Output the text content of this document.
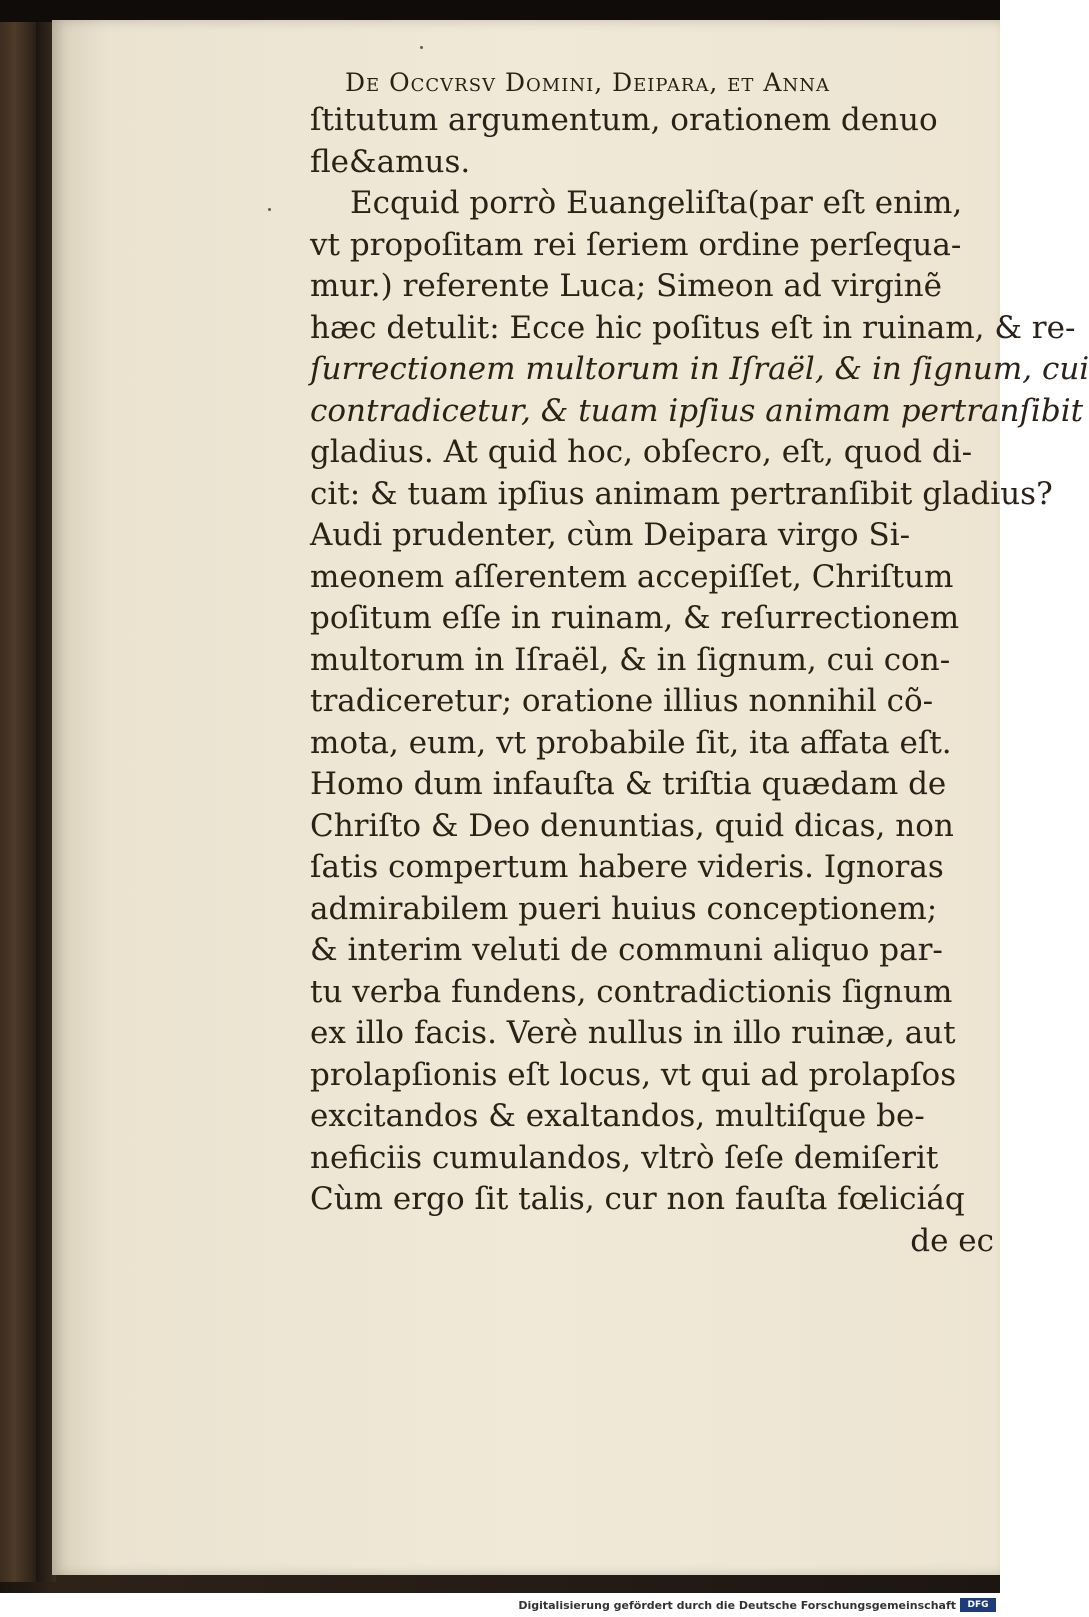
De Occvrsv Domini, Deipara, et Anna
ſtitutum argumentum, orationem denuo
fle&amus.
Ecquid porrò Euangeliſta(par eſt enim,
vt propoſitam rei ſeriem ordine perſequa-
mur.) referente Luca; Simeon ad virginẽ
hæc detulit: Ecce hic poſitus eſt in ruinam, & re-
ſurrectionem multorum in Iſraël, & in ſignum, cui
contradicetur, & tuam ipſius animam pertranſibit
gladius. At quid hoc, obſecro, eſt, quod di-
cit: & tuam ipſius animam pertranſibit gladius?
Audi prudenter, cùm Deipara virgo Si-
meonem aſſerentem accepiſſet, Chriſtum
poſitum eſſe in ruinam, & reſurrectionem
multorum in Iſraël, & in ſignum, cui con-
tradiceretur; oratione illius nonnihil cõ-
mota, eum, vt probabile ſit, ita affata eſt.
Homo dum infauſta & triſtia quædam de
Chriſto & Deo denuntias, quid dicas, non
ſatis compertum habere videris. Ignoras
admirabilem pueri huius conceptionem;
& interim veluti de communi aliquo par-
tu verba fundens, contradictionis ſignum
ex illo facis. Verè nullus in illo ruinæ, aut
prolapſionis eſt locus, vt qui ad prolapſos
excitandos & exaltandos, multiſque be-
neficiis cumulandos, vltrò ſeſe demiſerit
Cùm ergo ſit talis, cur non fauſta fœliciáq
de ec
Digitalisierung gefördert durch die Deutsche Forschungsgemeinschaft	DFG
